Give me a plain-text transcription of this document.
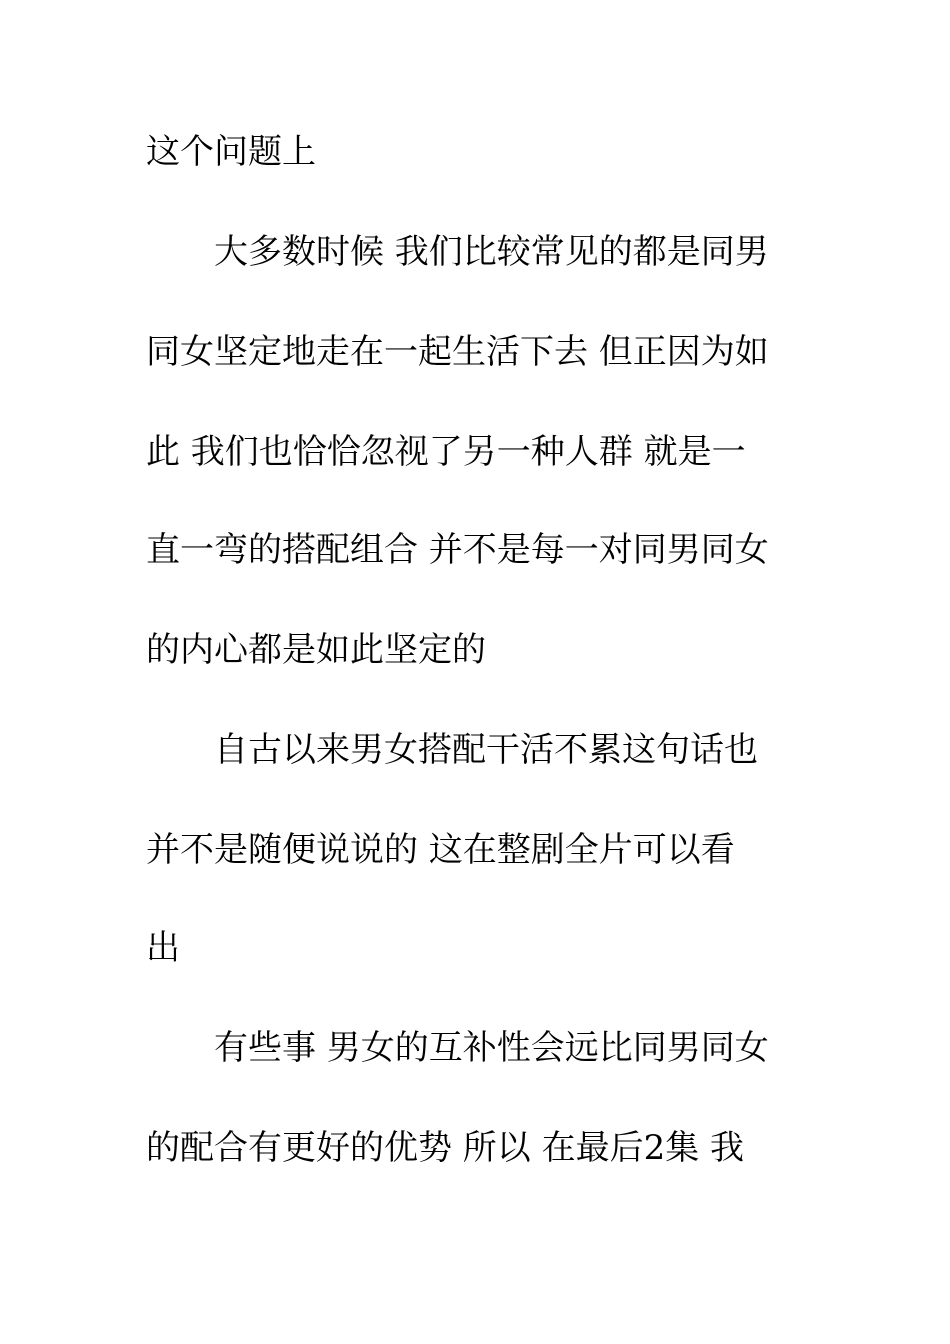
这个问题上
大多数时候 我们比较常见的都是同男
同女坚定地走在一起生活下去 但正因为如
此 我们也恰恰忽视了另一种人群 就是一
直一弯的搭配组合 并不是每一对同男同女
的内心都是如此坚定的
自古以来男女搭配干活不累这句话也
并不是随便说说的 这在整剧全片可以看
出
有些事 男女的互补性会远比同男同女
的配合有更好的优势 所以 在最后2集 我
